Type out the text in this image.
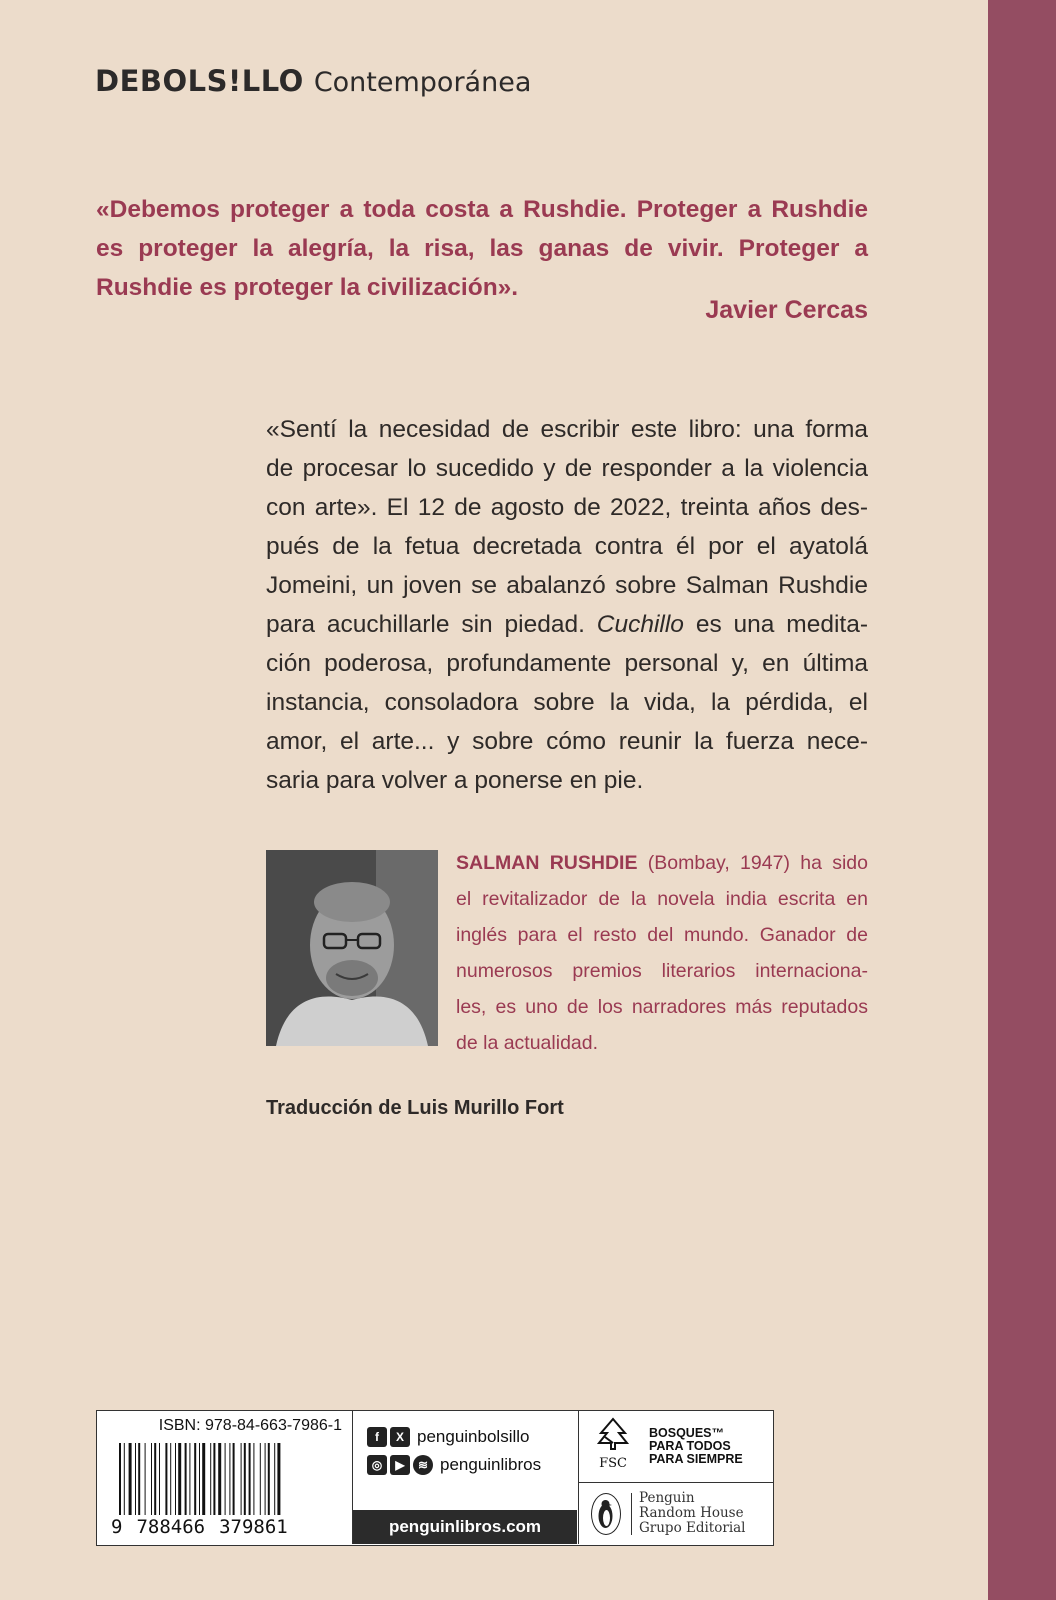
DEBOLS!LLO Contemporánea

«Debemos proteger a toda costa a Rushdie. Proteger a Rushdie es proteger la alegría, la risa, las ganas de vivir. Proteger a Rushdie es proteger la civilización».

Javier Cercas
«Sentí la necesidad de escribir este libro: una forma
de procesar lo sucedido y de responder a la violencia
con arte». El 12 de agosto de 2022, treinta años des-
pués de la fetua decretada contra él por el ayatolá
Jomeini, un joven se abalanzó sobre Salman Rushdie
para acuchillarle sin piedad. Cuchillo es una medita-
ción poderosa, profundamente personal y, en última
instancia, consoladora sobre la vida, la pérdida, el
amor, el arte... y sobre cómo reunir la fuerza nece-
saria para volver a ponerse en pie.
SALMAN RUSHDIE (Bombay, 1947) ha sido
el revitalizador de la novela india escrita en
inglés para el resto del mundo. Ganador de
numerosos premios literarios internaciona-
les, es uno de los narradores más reputados
de la actualidad.
Traducción de Luis Murillo Fort
ISBN: 978-84-663-7986-1
9 788466 379861
f	X penguinbolsillo
◎	▶	≋ penguinlibros
penguinlibros.com
FSC
BOSQUES™
PARA TODOS
PARA SIEMPRE
Penguin
Random House
Grupo Editorial
